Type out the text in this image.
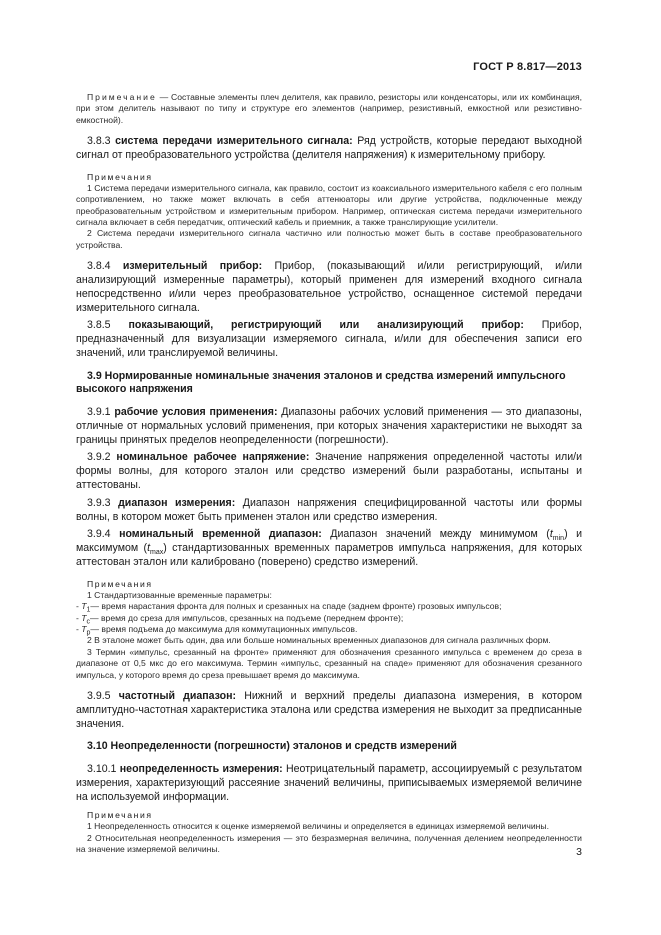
ГОСТ Р 8.817—2013

Примечание — Составные элементы плеч делителя, как правило, резисторы или конденсаторы, или их комбинация, при этом делитель называют по типу и структуре его элементов (например, резистивный, емкостной или резистивно-емкостной).

3.8.3 система передачи измерительного сигнала: Ряд устройств, которые передают выходной сигнал от преобразовательного устройства (делителя напряжения) к измерительному прибору.

Примечания

1 Система передачи измерительного сигнала, как правило, состоит из коаксиального измерительного кабеля с его полным сопротивлением, но также может включать в себя аттенюаторы или другие устройства, подключенные между преобразовательным устройством и измерительным прибором. Например, оптическая система передачи измерительного сигнала включает в себя передатчик, оптический кабель и приемник, а также транслирующие усилители.

2 Система передачи измерительного сигнала частично или полностью может быть в составе преобразовательного устройства.

3.8.4 измерительный прибор: Прибор, (показывающий и/или регистрирующий, и/или анализирующий измеренные параметры), который применен для измерений входного сигнала непосредственно и/или через преобразовательное устройство, оснащенное системой передачи измерительного сигнала.

3.8.5 показывающий, регистрирующий или анализирующий прибор: Прибор, предназначенный для визуализации измеряемого сигнала, и/или для обеспечения записи его значений, или транслируемой величины.

3.9 Нормированные номинальные значения эталонов и средства измерений импульсного высокого напряжения

3.9.1 рабочие условия применения: Диапазоны рабочих условий применения — это диапазоны, отличные от нормальных условий применения, при которых значения характеристики не выходят за границы принятых пределов неопределенности (погрешности).

3.9.2 номинальное рабочее напряжение: Значение напряжения определенной частоты или/и формы волны, для которого эталон или средство измерений были разработаны, испытаны и аттестованы.

3.9.3 диапазон измерения: Диапазон напряжения специфицированной частоты или формы волны, в котором может быть применен эталон или средство измерения.

3.9.4 номинальный временной диапазон: Диапазон значений между минимумом $(t_{min})$ и максимумом $(t_{max})$ стандартизованных временных параметров импульса напряжения, для которых аттестован эталон или калибровано (поверено) средство измерений.

Примечания

1 Стандартизованные временные параметры:

- $T_1—$ время нарастания фронта для полных и срезанных на спаде (заднем фронте) грозовых импульсов;

- $T_c—$ время до среза для импульсов, срезанных на подъеме (переднем фронте);

- $T_p—$ время подъема до максимума для коммутационных импульсов.

2 В эталоне может быть один, два или больше номинальных временных диапазонов для сигнала различных форм.

3 Термин «импульс, срезанный на фронте» применяют для обозначения срезанного импульса с временем до среза в диапазоне от 0,5 мкс до его максимума. Термин «импульс, срезанный на спаде» применяют для обозначения срезанного импульса, у которого время до среза превышает время до максимума.

3.9.5 частотный диапазон: Нижний и верхний пределы диапазона измерения, в котором амплитудно-частотная характеристика эталона или средства измерения не выходит за предписанные значения.

3.10 Неопределенности (погрешности) эталонов и средств измерений

3.10.1 неопределенность измерения: Неотрицательный параметр, ассоциируемый с результатом измерения, характеризующий рассеяние значений величины, приписываемых измеряемой величине на используемой информации.

Примечания

1 Неопределенность относится к оценке измеряемой величины и определяется в единицах измеряемой величины.

2 Относительная неопределенность измерения — это безразмерная величина, полученная делением неопределенности на значение измеряемой величины.	3
